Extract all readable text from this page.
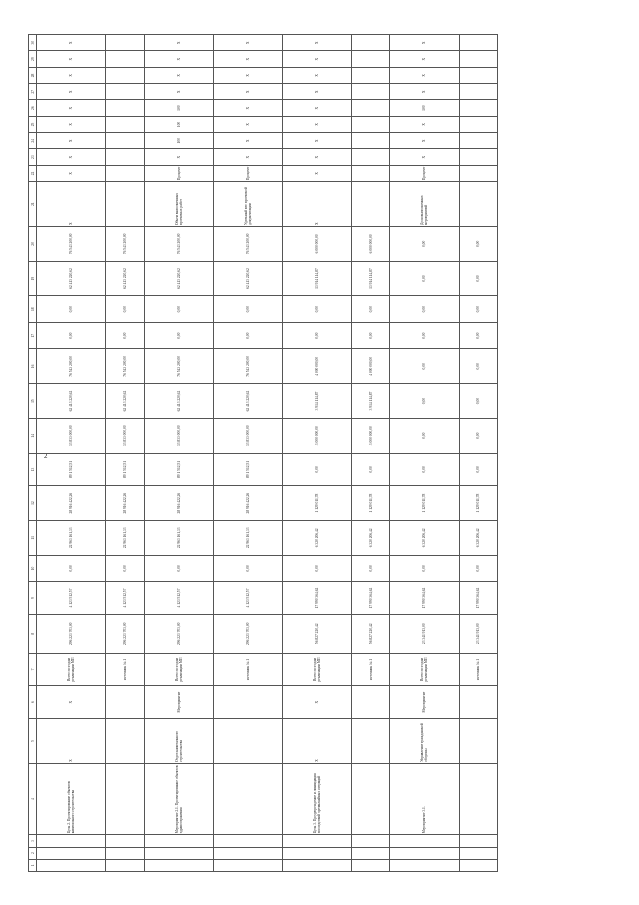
2
1	2	3	4	5	6	7	8	9	10	11	12	13	14	15	16	17	18	19	20	21	22	23	24	25	26	27	28	29	30
			Цель 2. Проектирование объектов капитального строительства	X	X	Всего по годам реализации МП	296 223 703,00	4 123 512,57	0,00	22 963 161,33	28 916 422,26	89 1 512,51	33 833 000,00	62 413 220,62	76 543 200,00	0,00	0,00	62 413 220,62	76 543 200,00	X	X	X	X	X	X	X	X	X	X
						источник № 1	296 223 703,00	4 123 512,57	0,00	22 963 161,33	28 916 422,26	89 1 512,51	33 833 000,00	62 413 220,62	76 543 200,00	0,00	0,00	62 413 220,62	76 543 200,00										
			Мероприятие 2.1. Проектирование объектов здравоохранения	Отдел капитального строительства	Мероприятие	Всего по годам реализации МП	296 223 703,00	4 123 512,57	0,00	22 963 161,33	28 916 422,26	89 1 512,51	33 833 000,00	62 413 220,62	76 543 200,00	0,00	0,00	62 413 220,62	76 543 200,00	Объем выполненных проектных работ	Процент	X	100	100	100	X	X	X	X
						источник № 1	296 223 703,00	4 123 512,57	0,00	22 963 161,33	28 916 422,26	89 1 512,51	33 833 000,00	62 413 220,62	76 543 200,00	0,00	0,00	62 413 220,62	76 543 200,00	Удельный вес проектной документации	Процент	X	X	X	X	X	X	X	X
			Цель 3. Предупреждение и ликвидация последствий чрезвычайных ситуаций	X	X	Всего по годам реализации МП	56 827 220,42	17 990 364,62	0,00	6 320 206,42	1 129 011,78	0,00	3 000 000,00	3 914 114,87	4 000 000,00	0,00	0,00	13 914 114,87	6 000 000,00	X	X	X	X	X	X	X	X	X	X
						источник № 1	56 827 220,42	17 990 364,62	0,00	6 320 206,42	1 129 011,78	0,00	3 000 000,00	3 914 114,87	4 000 000,00	0,00	0,00	13 914 114,87	6 000 000,00										
			Мероприятие 3.1.	Управление гражданской обороны	Мероприятие	Всего по годам реализации МП	23 341 913,00	17 990 364,62	0,00	6 320 206,42	1 129 011,78	0,00	0,00	0,00	0,00	0,00	0,00	0,00	0,00	Доля выполненных мероприятий	Процент	X	X	X	100	X	X	X	X
						источник № 1	23 341 913,00	17 990 364,62	0,00	6 320 206,42	1 129 011,78	0,00	0,00	0,00	0,00	0,00	0,00	0,00	0,00										
